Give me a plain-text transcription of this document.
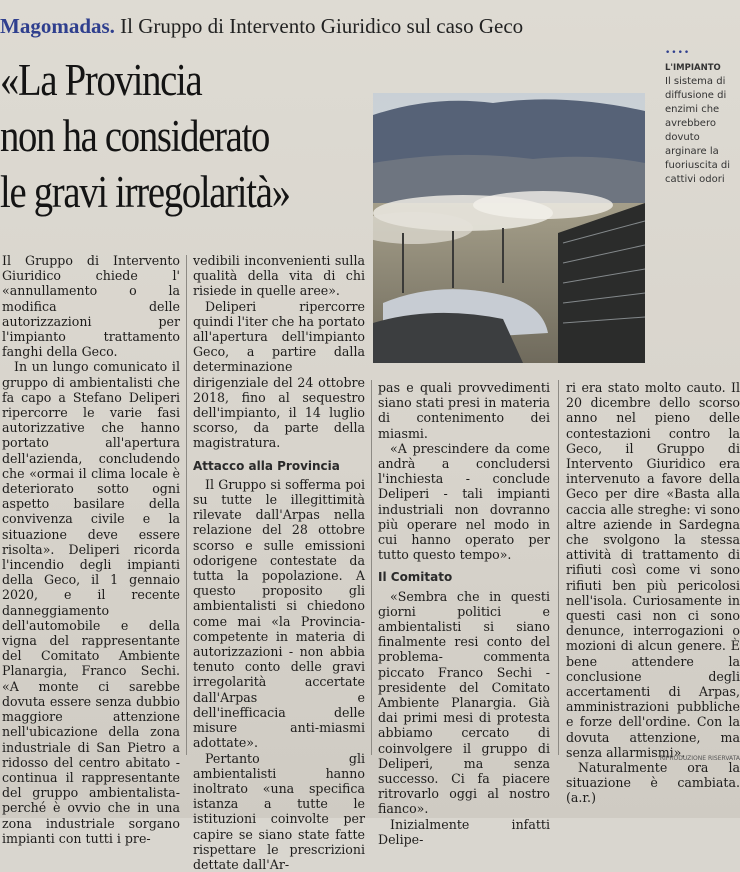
Magomadas. Il Gruppo di Intervento Giuridico sul caso Geco
«La Provincia
non ha considerato
le gravi irregolarità»
••••
L'IMPIANTO
Il sistema di diffusione di enzimi che avrebbero dovuto arginare la fuoriuscita di cattivi odori

Il Gruppo di Intervento Giuridico chiede l' «annullamento o la modifica delle autorizzazioni per l'impianto trattamento fanghi della Geco.

In un lungo comunicato il gruppo di ambientalisti che fa capo a Stefano Deliperi ripercorre le varie fasi autorizzative che hanno portato all'apertura dell'azienda, concludendo che «ormai il clima locale è deteriorato sotto ogni aspetto basilare della convivenza civile e la situazione deve essere risolta». Deliperi ricorda l'incendio degli impianti della Geco, il 1 gennaio 2020, e il recente danneggiamento dell'automobile e della vigna del rappresentante del Comitato Ambiente Planargia, Franco Sechi. «A monte ci sarebbe dovuta essere senza dubbio maggiore attenzione nell'ubicazione della zona industriale di San Pietro a ridosso del centro abitato - continua il rappresentante del gruppo ambientalista- perché è ovvio che in una zona industriale sorgano impianti con tutti i pre-

vedibili inconvenienti sulla qualità della vita di chi risiede in quelle aree».

Deliperi ripercorre quindi l'iter che ha portato all'apertura dell'impianto Geco, a partire dalla determinazione dirigenziale del 24 ottobre 2018, fino al sequestro dell'impianto, il 14 luglio scorso, da parte della magistratura.

Attacco alla Provincia

Il Gruppo si sofferma poi su tutte le illegittimità rilevate dall'Arpas nella relazione del 28 ottobre scorso e sulle emissioni odorigene contestate da tutta la popolazione. A questo proposito gli ambientalisti si chiedono come mai «la Provincia- competente in materia di autorizzazioni - non abbia tenuto conto delle gravi irregolarità accertate dall'Arpas e dell'inefficacia delle misure anti-miasmi adottate».

Pertanto gli ambientalisti hanno inoltrato «una specifica istanza a tutte le istituzioni coinvolte per capire se siano state fatte rispettare le prescrizioni dettate dall'Ar-

pas e quali provvedimenti siano stati presi in materia di contenimento dei miasmi.

«A prescindere da come andrà a concludersi l'inchiesta - conclude Deliperi - tali impianti industriali non dovranno più operare nel modo in cui hanno operato per tutto questo tempo».

Il Comitato

«Sembra che in questi giorni politici e ambientalisti si siano finalmente resi conto del problema- commenta piccato Franco Sechi - presidente del Comitato Ambiente Planargia. Già dai primi mesi di protesta abbiamo cercato di coinvolgere il gruppo di Deliperi, ma senza successo. Ci fa piacere ritrovarlo oggi al nostro fianco».

Inizialmente infatti Delipe-

ri era stato molto cauto. Il 20 dicembre dello scorso anno nel pieno delle contestazioni contro la Geco, il Gruppo di Intervento Giuridico era intervenuto a favore della Geco per dire «Basta alla caccia alle streghe: vi sono altre aziende in Sardegna che svolgono la stessa attività di trattamento di rifiuti così come vi sono rifiuti ben più pericolosi nell'isola. Curiosamente in questi casi non ci sono denunce, interrogazioni o mozioni di alcun genere. È bene attendere la conclusione degli accertamenti di Arpas, amministrazioni pubbliche e forze dell'ordine. Con la dovuta attenzione, ma senza allarmismi».

Naturalmente ora la situazione è cambiata. (a.r.)

RIPRODUZIONE RISERVATA
